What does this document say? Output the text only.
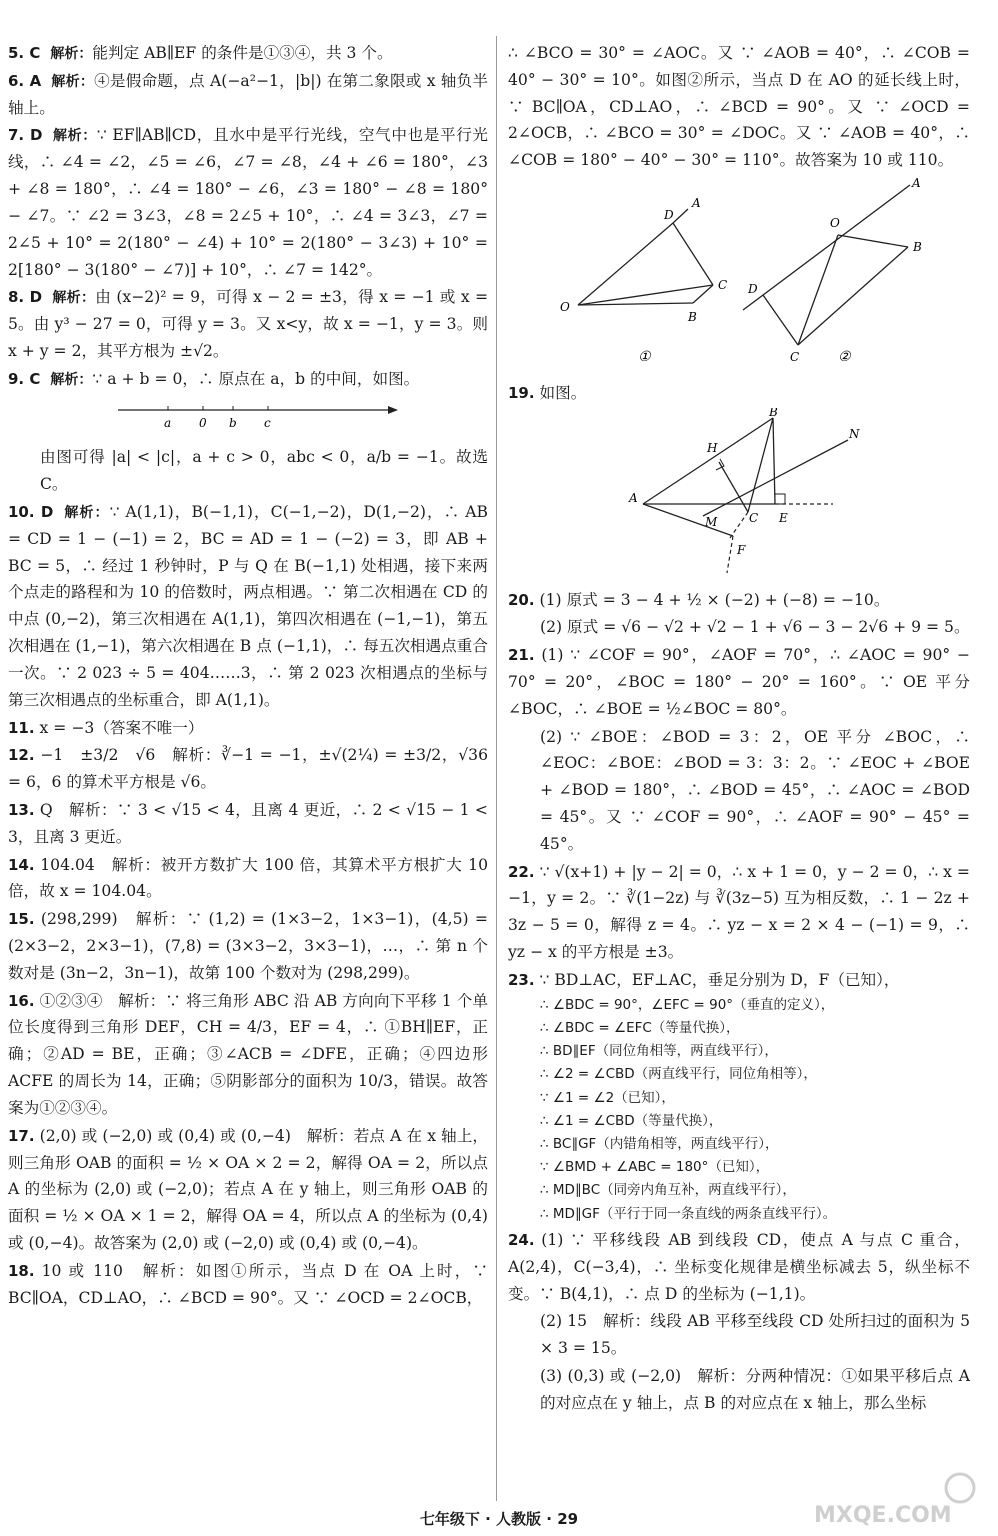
5. C 解析：能判定 AB∥EF 的条件是①③④，共 3 个。

6. A 解析：④是假命题，点 A(−a²−1，|b|) 在第二象限或 x 轴负半轴上。

7. D 解析：∵ EF∥AB∥CD，且水中是平行光线，空气中也是平行光线，∴ ∠4 = ∠2，∠5 = ∠6，∠7 = ∠8，∠4 + ∠6 = 180°，∠3 + ∠8 = 180°，∴ ∠4 = 180° − ∠6，∠3 = 180° − ∠8 = 180° − ∠7。∵ ∠2 = 3∠3，∠8 = 2∠5 + 10°，∴ ∠4 = 3∠3，∠7 = 2∠5 + 10° = 2(180° − ∠4) + 10° = 2(180° − 3∠3) + 10° = 2[180° − 3(180° − ∠7)] + 10°，∴ ∠7 = 142°。

8. D 解析：由 (x−2)² = 9，可得 x − 2 = ±3，得 x = −1 或 x = 5。由 y³ − 27 = 0，可得 y = 3。又 x<y，故 x = −1，y = 3。则 x + y = 2，其平方根为 ±√2。

9. C 解析：∵ a + b = 0，∴ 原点在 a，b 的中间，如图。

a 0 b c

由图可得 |a| < |c|，a + c > 0，abc < 0，a/b = −1。故选 C。

10. D 解析：∵ A(1,1)，B(−1,1)，C(−1,−2)，D(1,−2)，∴ AB = CD = 1 − (−1) = 2，BC = AD = 1 − (−2) = 3，即 AB + BC = 5，∴ 经过 1 秒钟时，P 与 Q 在 B(−1,1) 处相遇，接下来两个点走的路程和为 10 的倍数时，两点相遇。∵ 第二次相遇在 CD 的中点 (0,−2)，第三次相遇在 A(1,1)，第四次相遇在 (−1,−1)，第五次相遇在 (1,−1)，第六次相遇在 B 点 (−1,1)，∴ 每五次相遇点重合一次。∵ 2 023 ÷ 5 = 404……3，∴ 第 2 023 次相遇点的坐标与第三次相遇点的坐标重合，即 A(1,1)。

11. x = −3（答案不唯一）

12. −1　±3/2　√6　解析：∛−1 = −1，±√(2¼) = ±3/2，√36 = 6，6 的算术平方根是 √6。

13. Q　解析：∵ 3 < √15 < 4，且离 4 更近，∴ 2 < √15 − 1 < 3，且离 3 更近。

14. 104.04　解析：被开方数扩大 100 倍，其算术平方根扩大 10 倍，故 x = 104.04。

15. (298,299)　解析：∵ (1,2) = (1×3−2，1×3−1)，(4,5) = (2×3−2，2×3−1)，(7,8) = (3×3−2，3×3−1)，…，∴ 第 n 个数对是 (3n−2，3n−1)，故第 100 个数对为 (298,299)。

16. ①②③④　解析：∵ 将三角形 ABC 沿 AB 方向向下平移 1 个单位长度得到三角形 DEF，CH = 4/3，EF = 4，∴ ①BH∥EF，正确；②AD = BE，正确；③∠ACB = ∠DFE，正确；④四边形 ACFE 的周长为 14，正确；⑤阴影部分的面积为 10/3，错误。故答案为①②③④。

17. (2,0) 或 (−2,0) 或 (0,4) 或 (0,−4)　解析：若点 A 在 x 轴上，则三角形 OAB 的面积 = ½ × OA × 2 = 2，解得 OA = 2，所以点 A 的坐标为 (2,0) 或 (−2,0)；若点 A 在 y 轴上，则三角形 OAB 的面积 = ½ × OA × 1 = 2，解得 OA = 4，所以点 A 的坐标为 (0,4) 或 (0,−4)。故答案为 (2,0) 或 (−2,0) 或 (0,4) 或 (0,−4)。

18. 10 或 110　解析：如图①所示，当点 D 在 OA 上时，∵ BC∥OA，CD⊥AO，∴ ∠BCD = 90°。又 ∵ ∠OCD = 2∠OCB，

∴ ∠BCO = 30° = ∠AOC。又 ∵ ∠AOB = 40°，∴ ∠COB = 40° − 30° = 10°。如图②所示，当点 D 在 AO 的延长线上时，∵ BC∥OA，CD⊥AO，∴ ∠BCD = 90°。又 ∵ ∠OCD = 2∠OCB，∴ ∠BCO = 30° = ∠DOC。又 ∵ ∠AOB = 40°，∴ ∠COB = 180° − 40° − 30° = 110°。故答案为 10 或 110。

D
A
C
B
O
①
A
O
B
D
C	②

19. 如图。

B
H
N
A
M	C E
F

20. (1) 原式 = 3 − 4 + ½ × (−2) + (−8) = −10。

(2) 原式 = √6 − √2 + √2 − 1 + √6 − 3 − 2√6 + 9 = 5。

21. (1) ∵ ∠COF = 90°，∠AOF = 70°，∴ ∠AOC = 90° − 70° = 20°，∠BOC = 180° − 20° = 160°。∵ OE 平分 ∠BOC，∴ ∠BOE = ½∠BOC = 80°。

(2) ∵ ∠BOE：∠BOD = 3：2，OE 平分 ∠BOC，∴ ∠EOC：∠BOE：∠BOD = 3：3：2。∵ ∠EOC + ∠BOE + ∠BOD = 180°，∴ ∠BOD = 45°，∴ ∠AOC = ∠BOD = 45°。又 ∵ ∠COF = 90°，∴ ∠AOF = 90° − 45° = 45°。

22. ∵ √(x+1) + |y − 2| = 0，∴ x + 1 = 0，y − 2 = 0，∴ x = −1，y = 2。∵ ∛(1−2z) 与 ∛(3z−5) 互为相反数，∴ 1 − 2z + 3z − 5 = 0，解得 z = 4。∴ yz − x = 2 × 4 − (−1) = 9，∴ yz − x 的平方根是 ±3。

23. ∵ BD⊥AC，EF⊥AC，垂足分别为 D，F（已知），
∴ ∠BDC = 90°，∠EFC = 90°（垂直的定义），
∴ ∠BDC = ∠EFC（等量代换），
∴ BD∥EF（同位角相等，两直线平行），
∴ ∠2 = ∠CBD（两直线平行，同位角相等），
∵ ∠1 = ∠2（已知），
∴ ∠1 = ∠CBD（等量代换），
∴ BC∥GF（内错角相等，两直线平行），
∵ ∠BMD + ∠ABC = 180°（已知），
∴ MD∥BC（同旁内角互补，两直线平行），
∴ MD∥GF（平行于同一条直线的两条直线平行）。

24. (1) ∵ 平移线段 AB 到线段 CD，使点 A 与点 C 重合，A(2,4)，C(−3,4)，∴ 坐标变化规律是横坐标减去 5，纵坐标不变。∵ B(4,1)，∴ 点 D 的坐标为 (−1,1)。

(2) 15　解析：线段 AB 平移至线段 CD 处所扫过的面积为 5 × 3 = 15。

(3) (0,3) 或 (−2,0)　解析：分两种情况：①如果平移后点 A 的对应点在 y 轴上，点 B 的对应点在 x 轴上，那么坐标

七年级下 · 人教版 · 29	MXQE.COM
